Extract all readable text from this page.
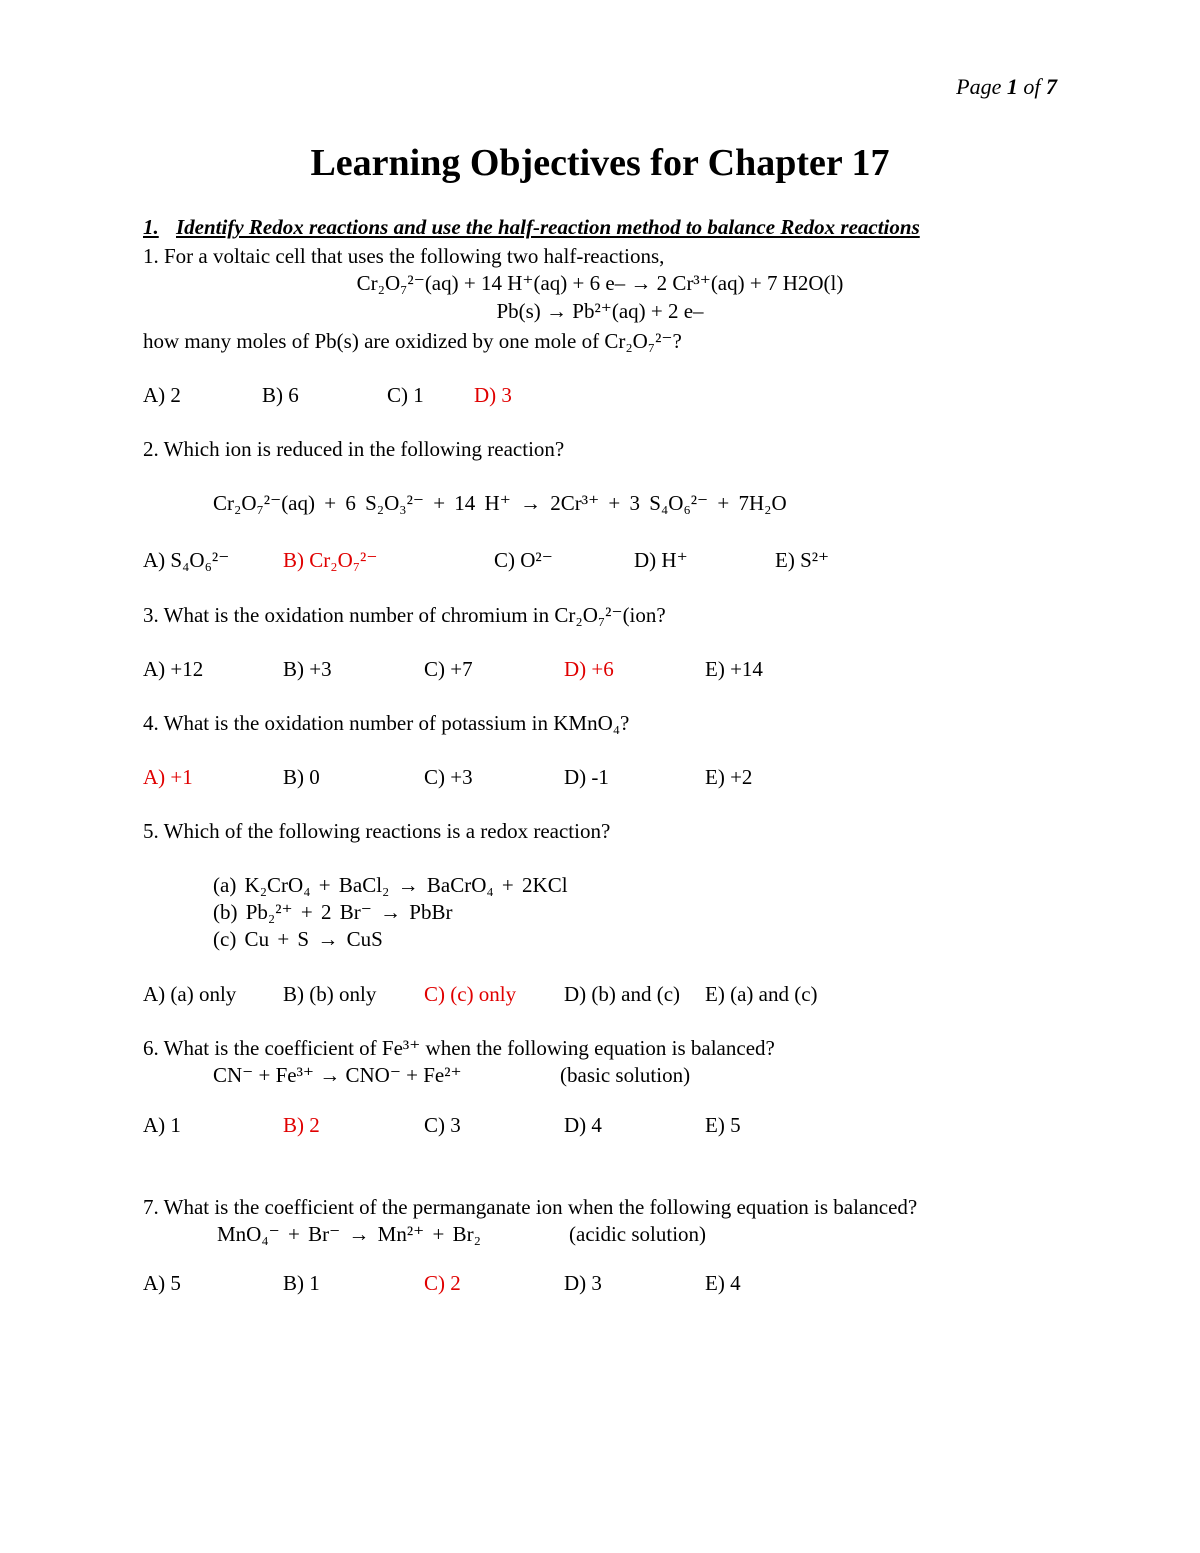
Page 1 of 7
Learning Objectives for Chapter 17
1. Identify Redox reactions and use the half-reaction method to balance Redox reactions
1. For a voltaic cell that uses the following two half-reactions,
Cr₂O₇²⁻(aq) + 14 H⁺(aq) + 6 e– → 2 Cr³⁺(aq) + 7 H2O(l)
Pb(s) → Pb²⁺(aq) + 2 e–
how many moles of Pb(s) are oxidized by one mole of Cr₂O₇²⁻?
A) 2	B) 6	C) 1 D) 3
2. Which ion is reduced in the following reaction?
Cr₂O₇²⁻(aq) + 6 S₂O₃²⁻ + 14 H⁺ → 2Cr³⁺ + 3 S₄O₆²⁻ + 7H₂O
A) S₄O₆²⁻	B) Cr₂O₇²⁻	C) O²⁻	D) H⁺	E) S²⁺
3. What is the oxidation number of chromium in Cr₂O₇²⁻(ion?
A) +12	B) +3	C) +7	D) +6	E) +14
4. What is the oxidation number of potassium in KMnO₄?
A) +1	B) 0	C) +3	D) -1	E) +2
5. Which of the following reactions is a redox reaction?
(a) K₂CrO₄ + BaCl₂ → BaCrO₄ + 2KCl
(b) Pb₂²⁺ + 2 Br⁻ → PbBr
(c) Cu + S → CuS
A) (a) only B) (b) only C) (c) only D) (b) and (c) E) (a) and (c)
6. What is the coefficient of Fe³⁺ when the following equation is balanced?
CN⁻ + Fe³⁺ → CNO⁻ + Fe²⁺	(basic solution)
A) 1	B) 2	C) 3	D) 4	E) 5
7. What is the coefficient of the permanganate ion when the following equation is balanced?
MnO₄⁻ + Br⁻ → Mn²⁺ + Br₂	(acidic solution)
A) 5	B) 1	C) 2	D) 3	E) 4
